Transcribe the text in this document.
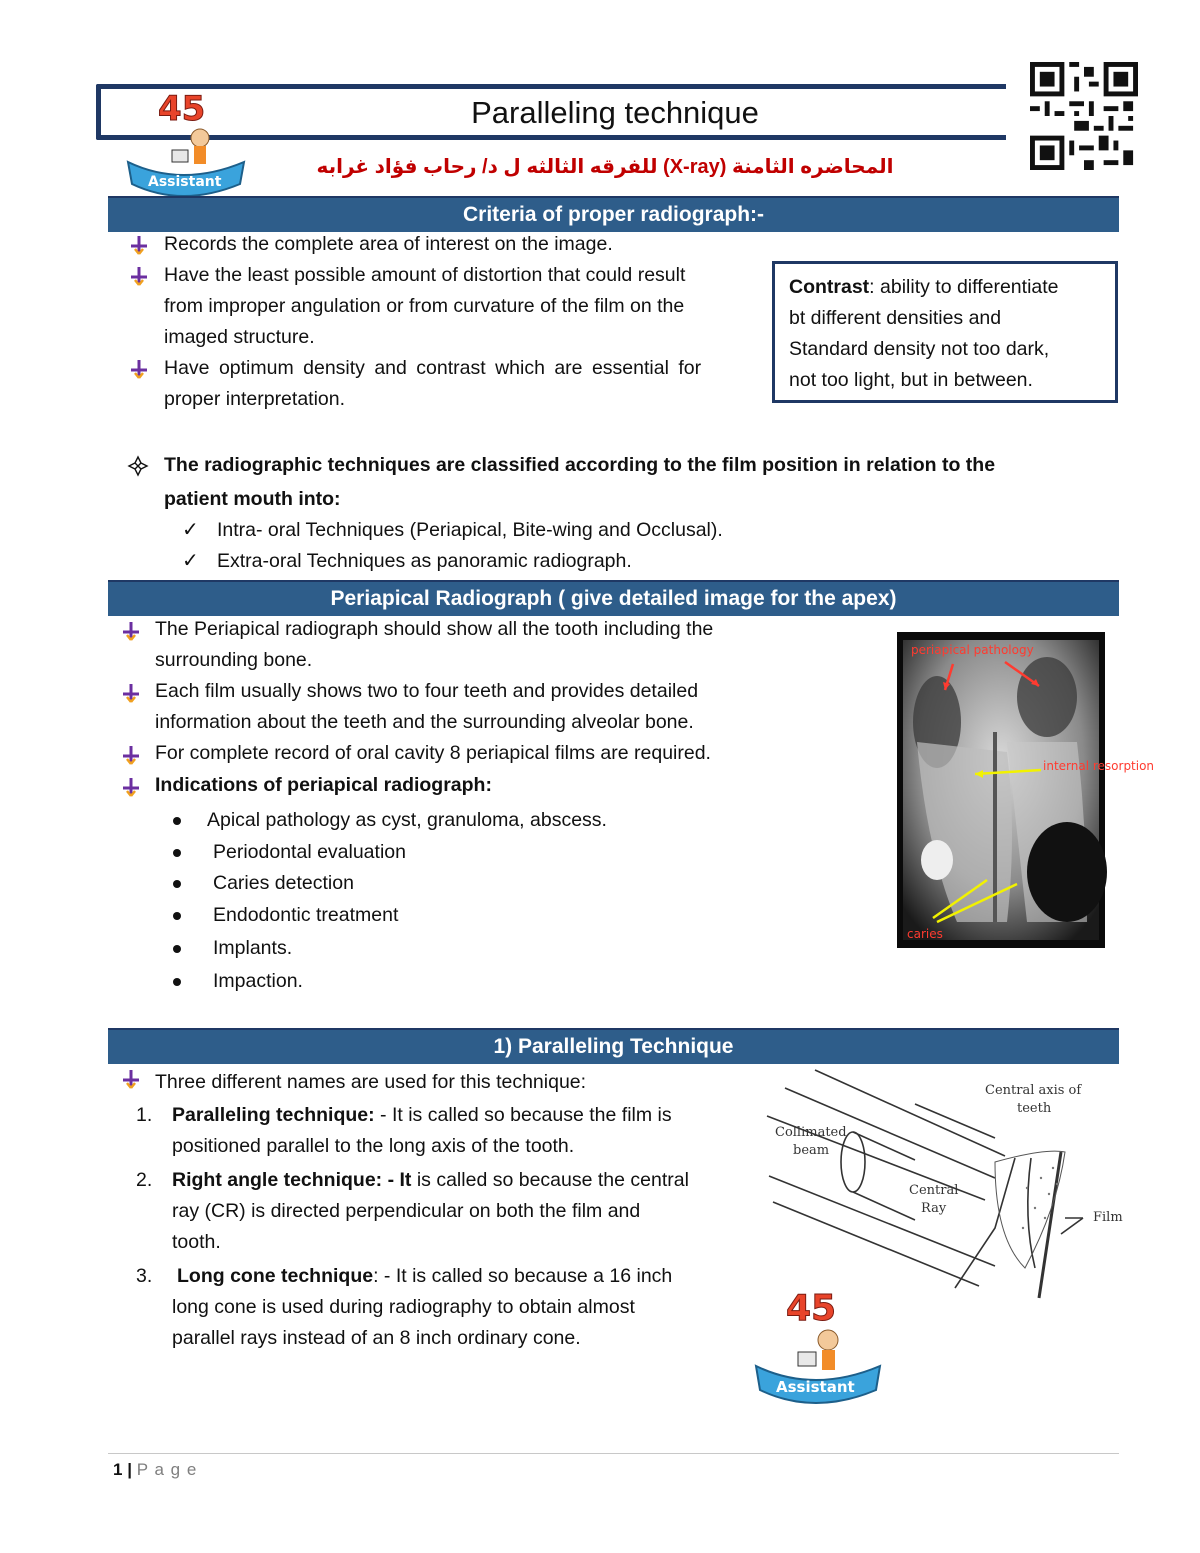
Paralleling technique
45
Assistant
المحاضره الثامنة (X-ray) للفرقه الثالثه ل د/ رحاب فؤاد غرابه
Criteria of proper radiograph:-
Records the complete area of interest on the image.
Have the least possible amount of distortion that could result
from improper angulation or from curvature of the film on the
imaged structure.
Have optimum density and contrast which are essential for
proper interpretation.
Contrast: ability to differentiate
bt different densities and
Standard density not too dark,
not too light, but in between.
The radiographic techniques are classified according to the film position in relation to the
patient mouth into:
✓ Intra- oral Techniques (Periapical, Bite-wing and Occlusal).
✓ Extra-oral Techniques as panoramic radiograph.
Periapical Radiograph ( give detailed image for the apex)
The Periapical radiograph should show all the tooth including the
surrounding bone.
Each film usually shows two to four teeth and provides detailed
information about the teeth and the surrounding alveolar bone.
For complete record of oral cavity 8 periapical films are required.
Indications of periapical radiograph:
Apical pathology as cyst, granuloma, abscess.
Periodontal evaluation
Caries detection
Endodontic treatment
Implants.
Impaction.
periapical pathology
internal resorption
caries
1) Paralleling Technique
Three different names are used for this technique:
1. Paralleling technique: - It is called so because the film is
positioned parallel to the long axis of the tooth.
2. Right angle technique: - It is called so because the central
ray (CR) is directed perpendicular on both the film and
tooth.
3. Long cone technique: - It is called so because a 16 inch
long cone is used during radiography to obtain almost
parallel rays instead of an 8 inch ordinary cone.
Central axis of
teeth
Collimated
beam
Central
Ray
Film
45
Assistant
1 | P a g e
